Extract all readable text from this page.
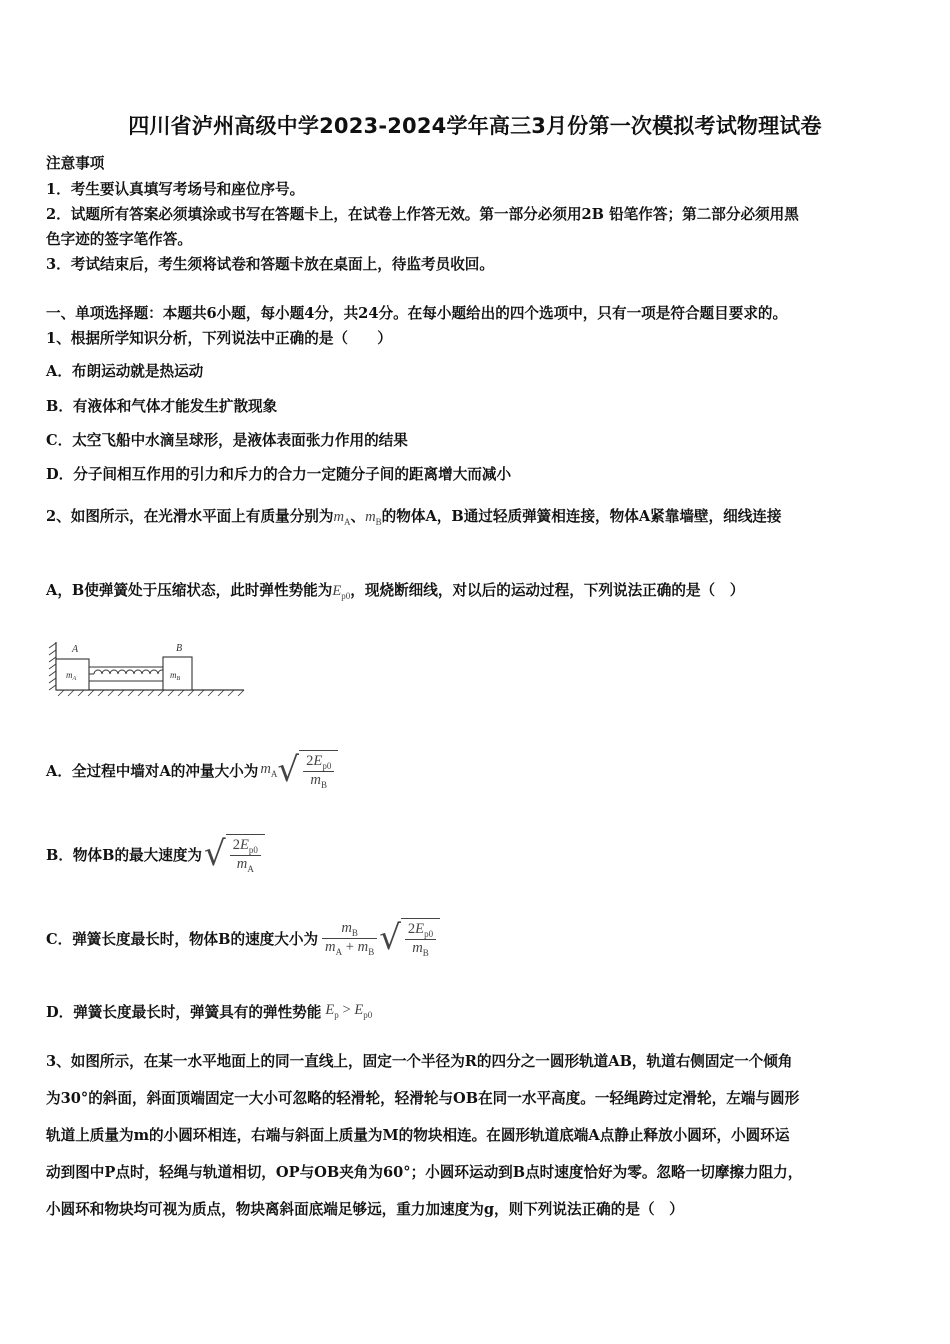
四川省泸州高级中学2023-2024学年高三3月份第一次模拟考试物理试卷
注意事项
1．考生要认真填写考场号和座位序号。
2．试题所有答案必须填涂或书写在答题卡上，在试卷上作答无效。第一部分必须用2B 铅笔作答；第二部分必须用黑
色字迹的签字笔作答。
3．考试结束后，考生须将试卷和答题卡放在桌面上，待监考员收回。
一、单项选择题：本题共6小题，每小题4分，共24分。在每小题给出的四个选项中，只有一项是符合题目要求的。
1、根据所学知识分析，下列说法中正确的是（　　）
A．布朗运动就是热运动
B．有液体和气体才能发生扩散现象
C．太空飞船中水滴呈球形，是液体表面张力作用的结果
D．分子间相互作用的引力和斥力的合力一定随分子间的距离增大而减小
2、如图所示，在光滑水平面上有质量分别为$m_A$、$m_B$的物体A，B通过轻质弹簧相连接，物体A紧靠墙壁，细线连接
A，B使弹簧处于压缩状态，此时弹性势能为$E_{p0}$，现烧断细线，对以后的运动过程，下列说法正确的是（　）
A
$m_A$
B
$m_B$
A．全过程中墙对A的冲量大小为 $m_A$ √ $\frac{2E_{p0}}{m_B}$
B．物体B的最大速度为 √ $\frac{2E_{p0}}{m_A}$
C．弹簧长度最长时，物体B的速度大小为 $\frac{m_B}{m_A + m_B}$ √ $\frac{2E_{p0}}{m_B}$
D．弹簧长度最长时，弹簧具有的弹性势能 $E_p > E_{p0}$
3、如图所示，在某一水平地面上的同一直线上，固定一个半径为R的四分之一圆形轨道AB，轨道右侧固定一个倾角
为30°的斜面，斜面顶端固定一大小可忽略的轻滑轮，轻滑轮与OB在同一水平高度。一轻绳跨过定滑轮，左端与圆形
轨道上质量为m的小圆环相连，右端与斜面上质量为M的物块相连。在圆形轨道底端A点静止释放小圆环，小圆环运
动到图中P点时，轻绳与轨道相切，OP与OB夹角为60°；小圆环运动到B点时速度恰好为零。忽略一切摩擦力阻力，
小圆环和物块均可视为质点，物块离斜面底端足够远，重力加速度为g，则下列说法正确的是（　）
